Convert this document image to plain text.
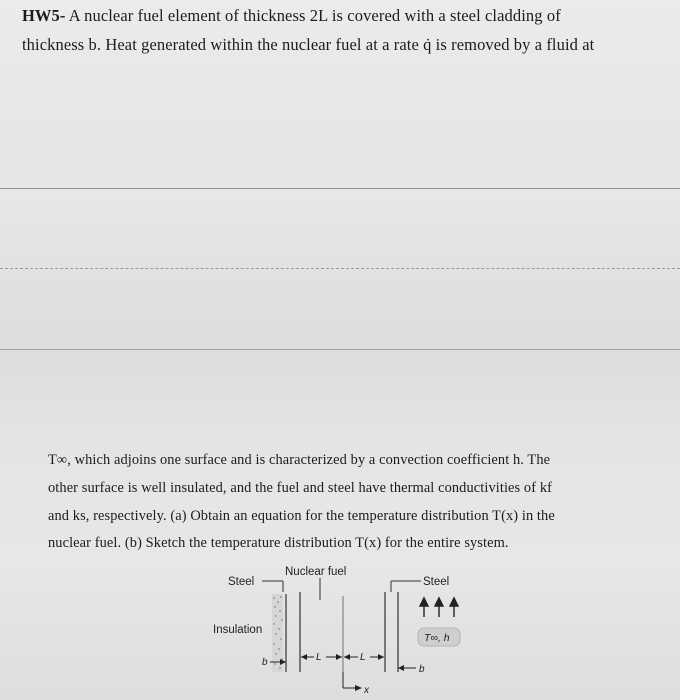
HW5- A nuclear fuel element of thickness 2L is covered with a steel cladding of
thickness b. Heat generated within the nuclear fuel at a rate q̇ is removed by a fluid at
T∞, which adjoins one surface and is characterized by a convection coefficient h. The
other surface is well insulated, and the fuel and steel have thermal conductivities of kf
and ks, respectively. (a) Obtain an equation for the temperature distribution T(x) in the
nuclear fuel. (b) Sketch the temperature distribution T(x) for the entire system.
Nuclear fuel
Steel	Steel
Insulation
T∞, h
b	L	L
b
x
